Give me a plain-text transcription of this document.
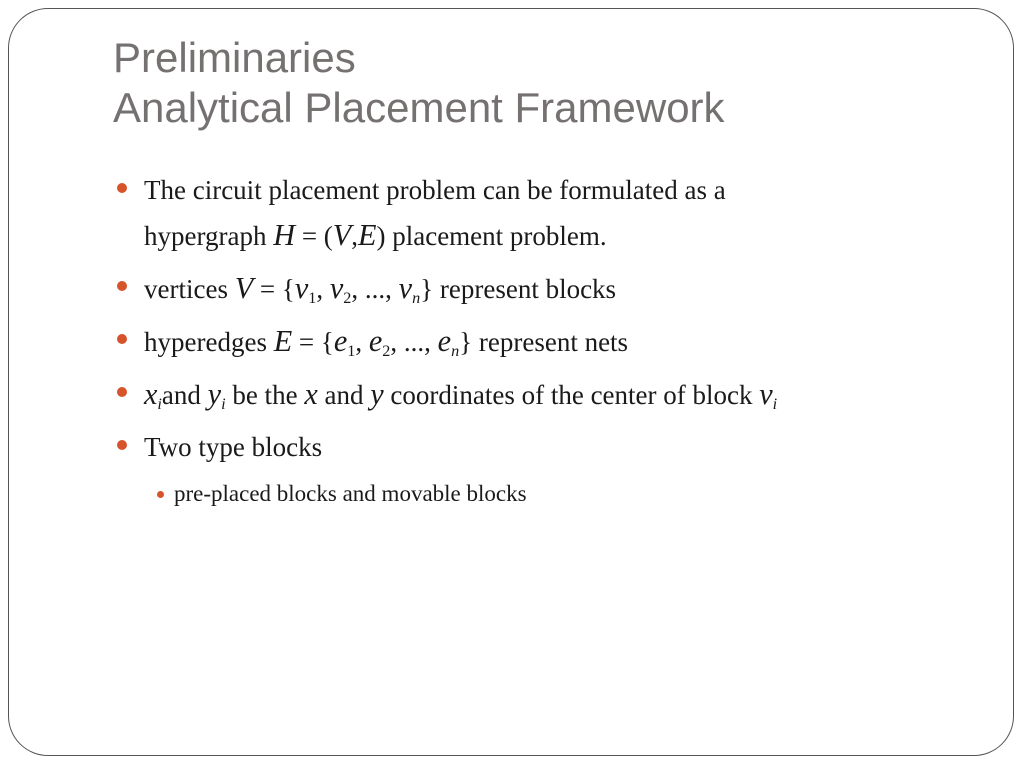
Preliminaries
Analytical Placement Framework
The circuit placement problem can be formulated as a
hypergraph H = (V,E) placement problem.
vertices $V = \{v_1$, $v_2$, ..., $v_n$} represent blocks
hyperedges $E = \{e_1$, $e_2$, ..., $e_n$} represent nets
$x_iand$ $y_i$ be the x and y coordinates of the center of block $v_i$
Two type blocks
pre-placed blocks and movable blocks
